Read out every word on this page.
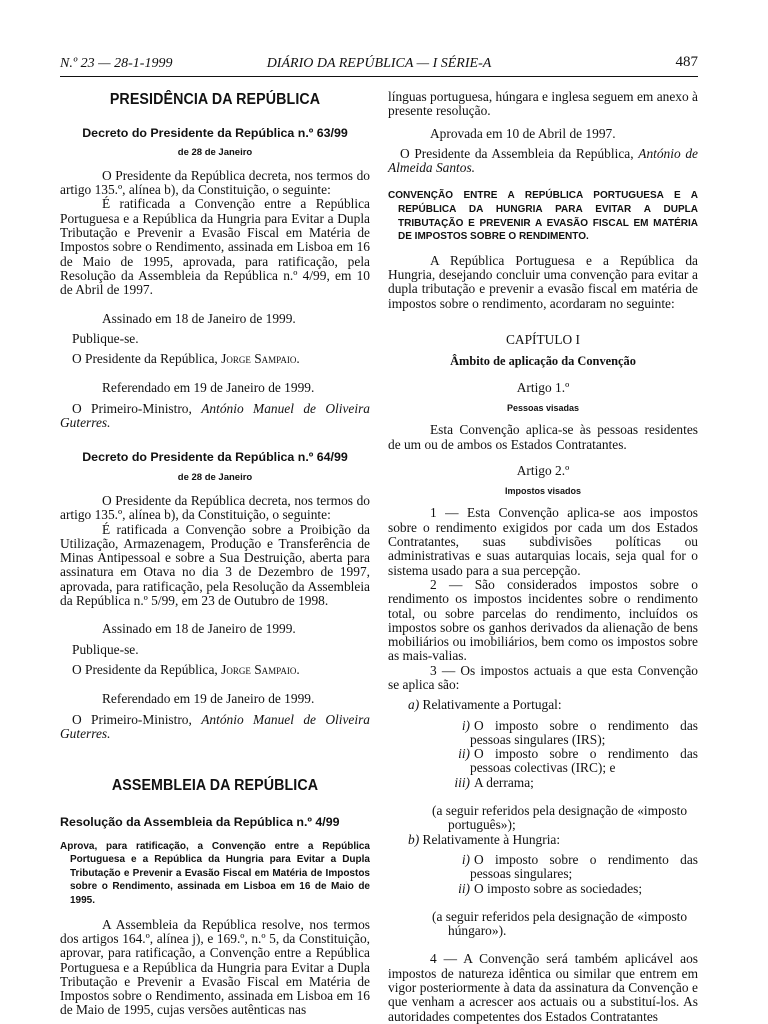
N.º 23 — 28-1-1999	DIÁRIO DA REPÚBLICA — I SÉRIE-A	487
PRESIDÊNCIA DA REPÚBLICA
Decreto do Presidente da República n.º 63/99
de 28 de Janeiro

O Presidente da República decreta, nos termos do artigo 135.º, alínea b), da Constituição, o seguinte:

É ratificada a Convenção entre a República Portuguesa e a República da Hungria para Evitar a Dupla Tributação e Prevenir a Evasão Fiscal em Matéria de Impostos sobre o Rendimento, assinada em Lisboa em 16 de Maio de 1995, aprovada, para ratificação, pela Resolução da Assembleia da República n.º 4/99, em 10 de Abril de 1997.

Assinado em 18 de Janeiro de 1999.

Publique-se.

O Presidente da República, Jorge Sampaio.

Referendado em 19 de Janeiro de 1999.

O Primeiro-Ministro, António Manuel de Oliveira Guterres.

Decreto do Presidente da República n.º 64/99
de 28 de Janeiro

O Presidente da República decreta, nos termos do artigo 135.º, alínea b), da Constituição, o seguinte:

É ratificada a Convenção sobre a Proibição da Utilização, Armazenagem, Produção e Transferência de Minas Antipessoal e sobre a Sua Destruição, aberta para assinatura em Otava no dia 3 de Dezembro de 1997, aprovada, para ratificação, pela Resolução da Assembleia da República n.º 5/99, em 23 de Outubro de 1998.

Assinado em 18 de Janeiro de 1999.

Publique-se.

O Presidente da República, Jorge Sampaio.

Referendado em 19 de Janeiro de 1999.

O Primeiro-Ministro, António Manuel de Oliveira Guterres.

ASSEMBLEIA DA REPÚBLICA
Resolução da Assembleia da República n.º 4/99

Aprova, para ratificação, a Convenção entre a República Portuguesa e a República da Hungria para Evitar a Dupla Tributação e Prevenir a Evasão Fiscal em Matéria de Impostos sobre o Rendimento, assinada em Lisboa em 16 de Maio de 1995.

A Assembleia da República resolve, nos termos dos artigos 164.º, alínea j), e 169.º, n.º 5, da Constituição, aprovar, para ratificação, a Convenção entre a República Portuguesa e a República da Hungria para Evitar a Dupla Tributação e Prevenir a Evasão Fiscal em Matéria de Impostos sobre o Rendimento, assinada em Lisboa em 16 de Maio de 1995, cujas versões autênticas nas

línguas portuguesa, húngara e inglesa seguem em anexo à presente resolução.

Aprovada em 10 de Abril de 1997.

O Presidente da Assembleia da República, António de Almeida Santos.

CONVENÇÃO ENTRE A REPÚBLICA PORTUGUESA E A REPÚBLICA DA HUNGRIA PARA EVITAR A DUPLA TRIBUTAÇÃO E PREVENIR A EVASÃO FISCAL EM MATÉRIA DE IMPOSTOS SOBRE O RENDIMENTO.

A República Portuguesa e a República da Hungria, desejando concluir uma convenção para evitar a dupla tributação e prevenir a evasão fiscal em matéria de impostos sobre o rendimento, acordaram no seguinte:

CAPÍTULO I
Âmbito de aplicação da Convenção
Artigo 1.º
Pessoas visadas

Esta Convenção aplica-se às pessoas residentes de um ou de ambos os Estados Contratantes.

Artigo 2.º
Impostos visados

1 — Esta Convenção aplica-se aos impostos sobre o rendimento exigidos por cada um dos Estados Contratantes, suas subdivisões políticas ou administrativas e suas autarquias locais, seja qual for o sistema usado para a sua percepção.

2 — São considerados impostos sobre o rendimento os impostos incidentes sobre o rendimento total, ou sobre parcelas do rendimento, incluídos os impostos sobre os ganhos derivados da alienação de bens mobiliários ou imobiliários, bem como os impostos sobre as mais-valias.

3 — Os impostos actuais a que esta Convenção se aplica são:

a) Relativamente a Portugal:

i) O imposto sobre o rendimento das pessoas singulares (IRS);

ii) O imposto sobre o rendimento das pessoas colectivas (IRC); e

iii) A derrama;

(a seguir referidos pela designação de «imposto português»);

b) Relativamente à Hungria:

i) O imposto sobre o rendimento das pessoas singulares;

ii) O imposto sobre as sociedades;

(a seguir referidos pela designação de «imposto húngaro»).

4 — A Convenção será também aplicável aos impostos de natureza idêntica ou similar que entrem em vigor posteriormente à data da assinatura da Convenção e que venham a acrescer aos actuais ou a substituí-los. As autoridades competentes dos Estados Contratantes
